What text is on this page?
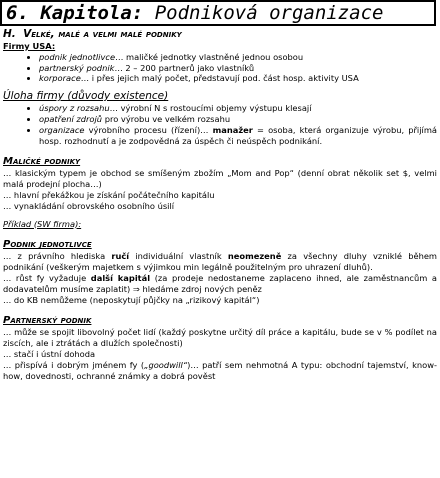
6. Kapitola: Podniková organizace
H. Velké, malé a velmi malé podniky
Firmy USA:
• podnik jednotlivce… maličké jednotky vlastněné jednou osobou
• partnerský podnik… 2 – 200 partnerů jako vlastníků
• korporace… i přes jejich malý počet, představují pod. část hosp. aktivity USA
Úloha firmy (důvody existence)
• úspory z rozsahu… výrobní N s rostoucími objemy výstupu klesají
• opatření zdrojů pro výrobu ve velkém rozsahu
• organizace výrobního procesu (řízení)… manažer = osoba, která organizuje výrobu, přijímá hosp. rozhodnutí a je zodpovědná za úspěch či neúspěch podnikání.
Maličké podniky

… klasickým typem je obchod se smíšeným zbožím „Mom and Pop“ (denní obrat několik set $, velmi malá prodejní plocha…)

… hlavní překážkou je získání počátečního kapitálu

… vynakládání obrovského osobního úsilí

Příklad (SW firma):

Podnik jednotlivce

… z právního hlediska ručí individuální vlastník neomezeně za všechny dluhy vzniklé během podnikání (veškerým majetkem s výjimkou min legálně použitelným pro uhrazení dluhů).

… růst fy vyžaduje další kapitál (za prodeje nedostaneme zaplaceno ihned, ale zaměstnancům a dodavatelům musíme zaplatit) ⇒ hledáme zdroj nových peněz

… do KB nemůžeme (neposkytují půjčky na „rizikový kapitál“)

Partnerský podnik

… může se spojit libovolný počet lidí (každý poskytne určitý díl práce a kapitálu, bude se v % podílet na ziscích, ale i ztrátách a dlužích společnosti)

… stačí i ústní dohoda

… přispívá i dobrým jménem fy („goodwill“)… patří sem nehmotná A typu: obchodní tajemství, know-how, dovednosti, ochranné známky a dobrá pověst
